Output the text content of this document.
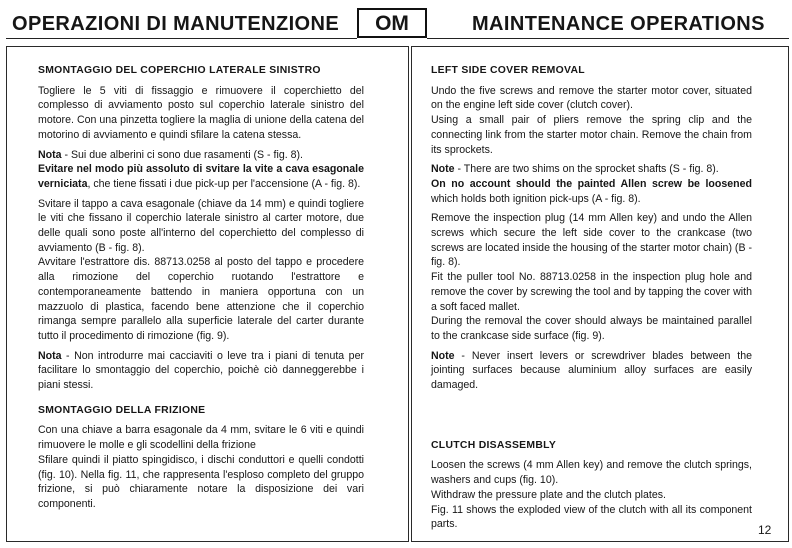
OPERAZIONI DI MANUTENZIONE	OM	MAINTENANCE OPERATIONS
SMONTAGGIO DEL COPERCHIO LATERALE SINISTRO

Togliere le 5 viti di fissaggio e rimuovere il coperchietto del complesso di avviamento posto sul coperchio laterale sinistro del motore. Con una pinzetta togliere la maglia di unione della catena del motorino di avviamento e quindi sfilare la catena stessa.

Nota - Sui due alberini ci sono due rasamenti (S - fig. 8).

Evitare nel modo più assoluto di svitare la vite a cava esagonale verniciata, che tiene fissati i due pick-up per l'accensione (A - fig. 8).

Svitare il tappo a cava esagonale (chiave da 14 mm) e quindi togliere le viti che fissano il coperchio laterale sinistro al carter motore, due delle quali sono poste all'interno del coperchietto del complesso di avviamento (B - fig. 8).

Avvitare l'estrattore dis. 88713.0258 al posto del tappo e procedere alla rimozione del coperchio ruotando l'estrattore e contemporaneamente battendo in maniera opportuna con un mazzuolo di plastica, facendo bene attenzione che il coperchio rimanga sempre parallelo alla superficie laterale del carter durante tutto il procedimento di rimozione (fig. 9).

Nota - Non introdurre mai cacciaviti o leve tra i piani di tenuta per facilitare lo smontaggio del coperchio, poichè ciò danneggerebbe i piani stessi.

SMONTAGGIO DELLA FRIZIONE

Con una chiave a barra esagonale da 4 mm, svitare le 6 viti e quindi rimuovere le molle e gli scodellini della frizione

Sfilare quindi il piatto spingidisco, i dischi conduttori e quelli condotti (fig. 10). Nella fig. 11, che rappresenta l'esploso completo del gruppo frizione, si può chiaramente notare la disposizione dei vari componenti.

LEFT SIDE COVER REMOVAL

Undo the five screws and remove the starter motor cover, situated on the engine left side cover (clutch cover).

Using a small pair of pliers remove the spring clip and the connecting link from the starter motor chain. Remove the chain from its sprockets.

Note - There are two shims on the sprocket shafts (S - fig. 8).

On no account should the painted Allen screw be loosened which holds both ignition pick-ups (A - fig. 8).

Remove the inspection plug (14 mm Allen key) and undo the Allen screws which secure the left side cover to the crankcase (two screws are located inside the housing of the starter motor chain) (B - fig. 8).

Fit the puller tool No. 88713.0258 in the inspection plug hole and remove the cover by screwing the tool and by tapping the cover with a soft faced mallet.

During the removal the cover should always be maintained parallel to the crankcase side surface (fig. 9).

Note - Never insert levers or screwdriver blades between the jointing surfaces because aluminium alloy surfaces are easily damaged.

CLUTCH DISASSEMBLY

Loosen the screws (4 mm Allen key) and remove the clutch springs, washers and cups (fig. 10).

Withdraw the pressure plate and the clutch plates.

Fig. 11 shows the exploded view of the clutch with all its component parts.	12
